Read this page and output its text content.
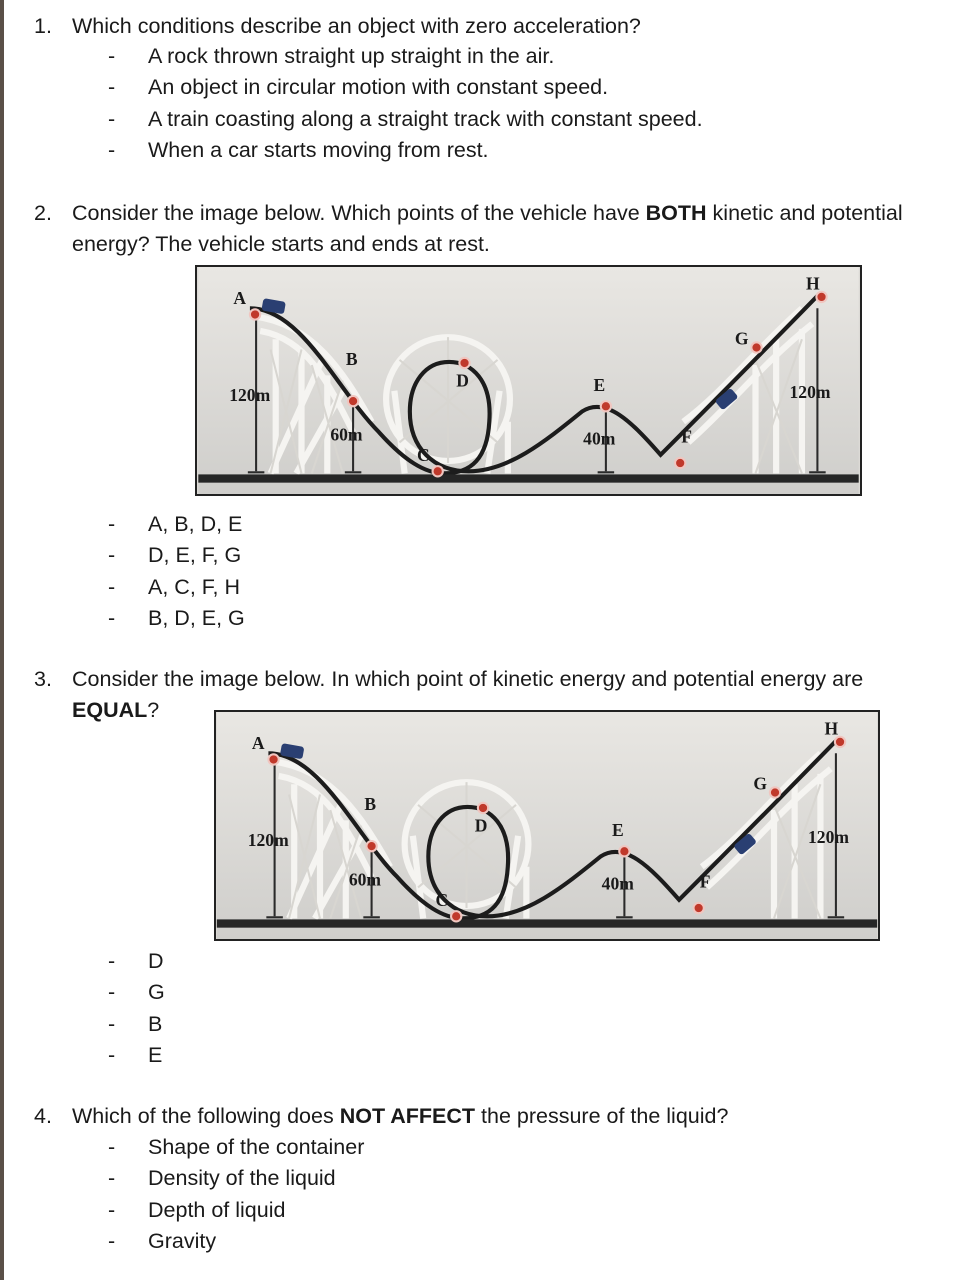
1. Which conditions describe an object with zero acceleration?
- A rock thrown straight up straight in the air.
- An object in circular motion with constant speed.
- A train coasting along a straight track with constant speed.
- When a car starts moving from rest.
2. Consider the image below. Which points of the vehicle have BOTH kinetic and potential
energy? The vehicle starts and ends at rest.
A
B
C
D	E
F
G
H
120m
60m	40m
120m
- A, B, D, E
- D, E, F, G
- A, C, F, H
- B, D, E, G
3. Consider the image below. In which point of kinetic energy and potential energy are
EQUAL?
A
B
C
D	E
F
G
H
120m
60m	40m
120m
- D
- G
- B
- E
4. Which of the following does NOT AFFECT the pressure of the liquid?
- Shape of the container
- Density of the liquid
- Depth of liquid
- Gravity
